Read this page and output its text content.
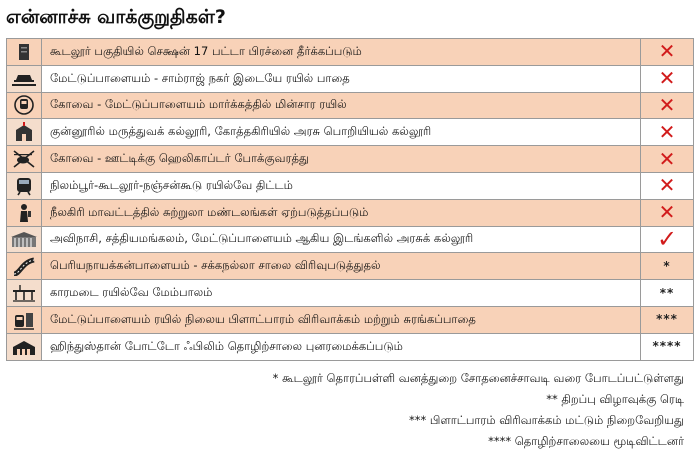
என்னாச்சு வாக்குறுதிகள்?
	கூடலூர் பகுதியில் செக்ஷன் 17 பட்டா பிரச்னை தீர்க்கப்படும்	✕

	மேட்டுப்பாளையம் - சாம்ராஜ் நகர் இடையே ரயில் பாதை	✕

	கோவை - மேட்டுப்பாளையம் மார்க்கத்தில் மின்சார ரயில்	✕

	குன்னூரில் மருத்துவக் கல்லூரி, கோத்தகிரியில் அரசு பொறியியல் கல்லூரி	✕

	கோவை - ஊட்டிக்கு ஹெலிகாப்டர் போக்குவரத்து	✕

	நிலம்பூர்-கூடலூர்-நஞ்சன்கூடு ரயில்வே திட்டம்	✕

	நீலகிரி மாவட்டத்தில் சுற்றுலா மண்டலங்கள் ஏற்படுத்தப்படும்	✕

	அவிநாசி, சத்தியமங்கலம், மேட்டுப்பாளையம் ஆகிய இடங்களில் அரசுக் கல்லூரி	✓

	பெரியநாயக்கன்பாளையம் - சக்கநல்லா சாலை விரிவுபடுத்துதல்	*

	காரமடை ரயில்வே மேம்பாலம்	**

	மேட்டுப்பாளையம் ரயில் நிலைய பிளாட்பாரம் விரிவாக்கம் மற்றும் சுரங்கப்பாதை	***

	ஹிந்துஸ்தான் போட்டோ ஃபிலிம் தொழிற்சாலை புனரமைக்கப்படும்	****
* கூடலூர் தொரப்பள்ளி வனத்துறை சோதனைச்சாவடி வரை போடப்பட்டுள்ளது
** திறப்பு விழாவுக்கு ரெடி
*** பிளாட்பாரம் விரிவாக்கம் மட்டும் நிறைவேறியது
**** தொழிற்சாலையை மூடிவிட்டனர்
